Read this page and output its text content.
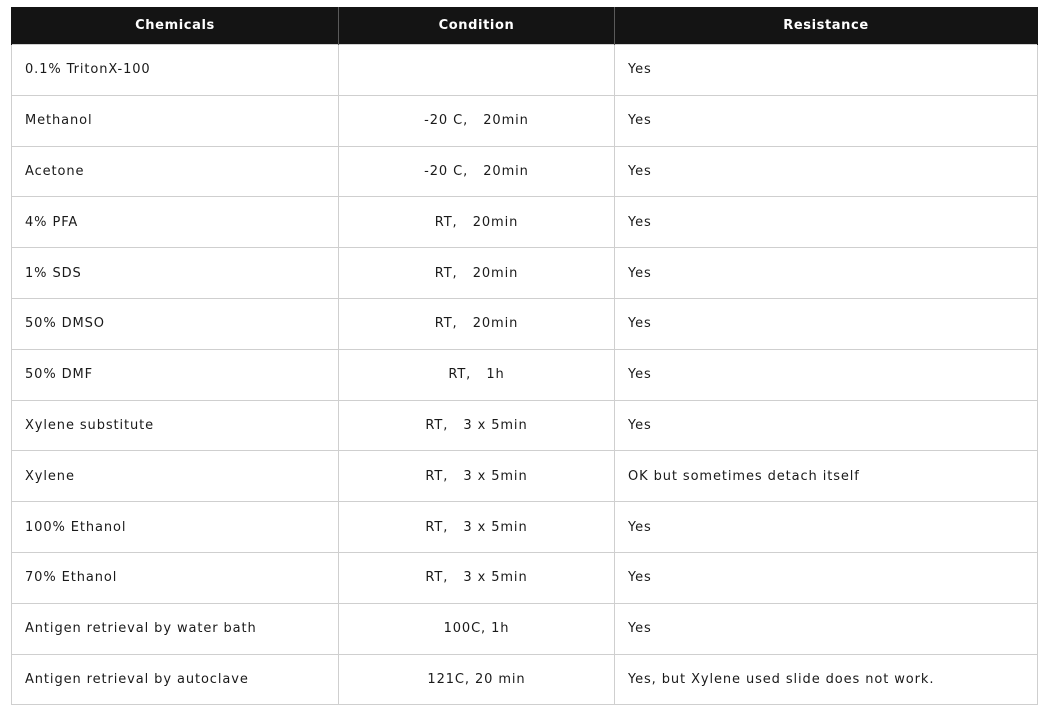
Chemicals	Condition	Resistance
0.1% TritonX-100		Yes
Methanol	-20 C,   20min	Yes
Acetone	-20 C,   20min	Yes
4% PFA	RT,   20min	Yes
1% SDS	RT,   20min	Yes
50% DMSO	RT,   20min	Yes
50% DMF	RT,   1h	Yes
Xylene substitute	RT,   3 x 5min	Yes
Xylene	RT,   3 x 5min	OK but sometimes detach itself
100% Ethanol	RT,   3 x 5min	Yes
70% Ethanol	RT,   3 x 5min	Yes
Antigen retrieval by water bath	100C, 1h	Yes
Antigen retrieval by autoclave	121C, 20 min	Yes, but Xylene used slide does not work.
